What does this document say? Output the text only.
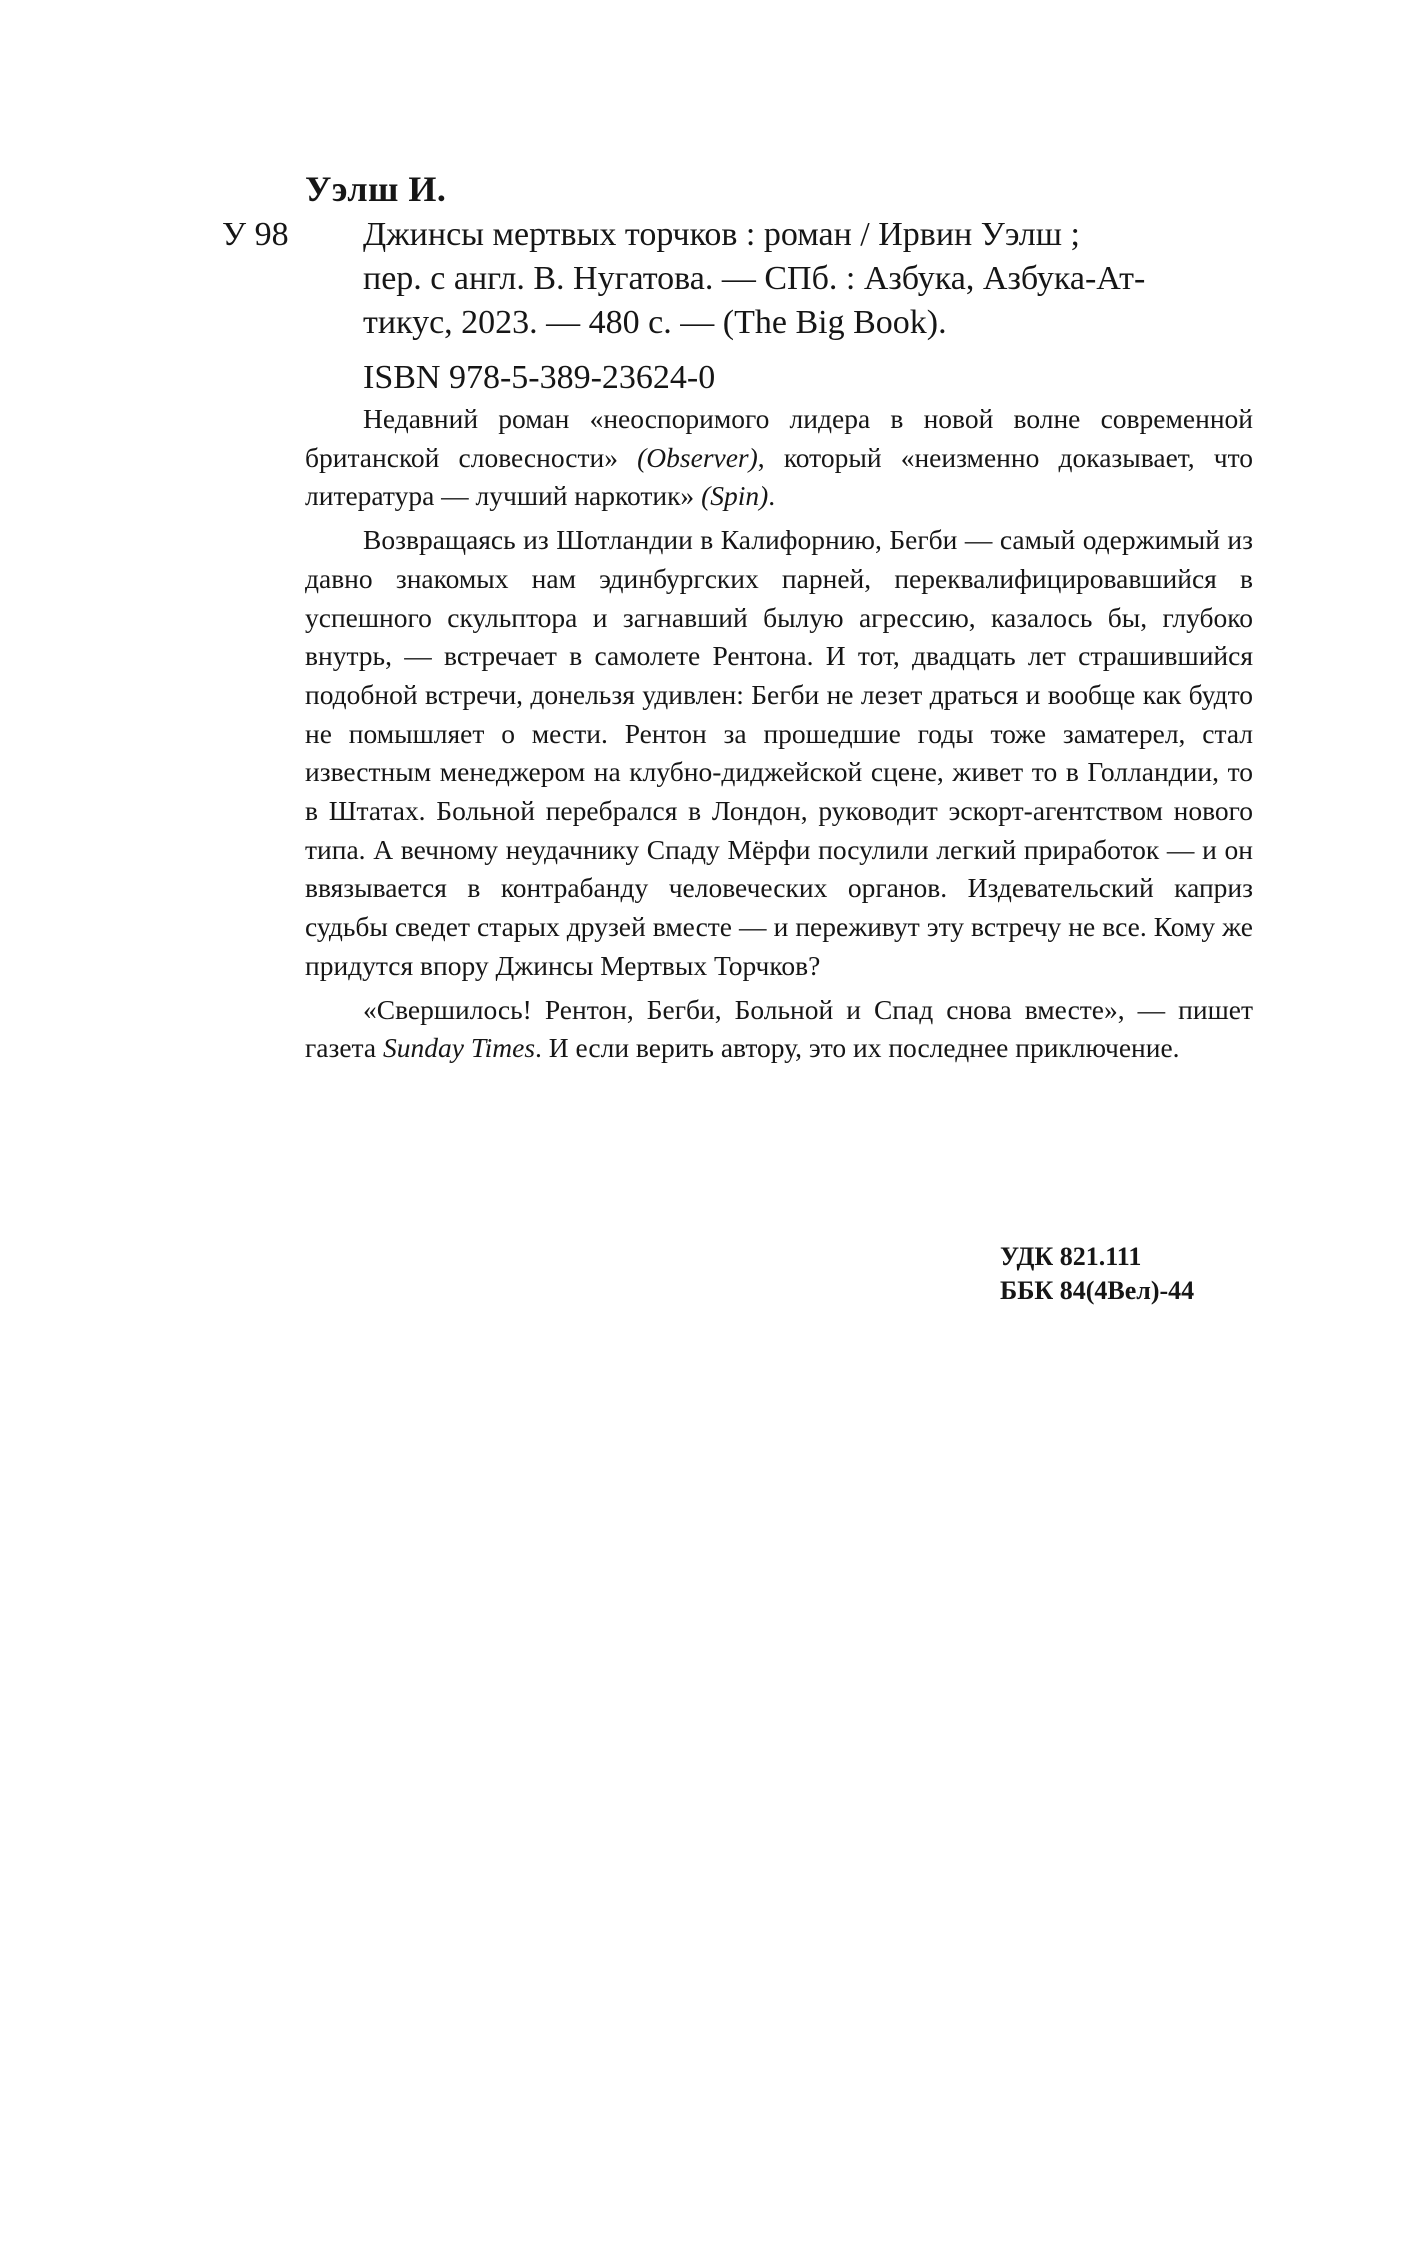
Уэлш И.
У 98 Джинсы мертвых торчков : роман / Ирвин Уэлш ;
пер. с англ. В. Нугатова. — СПб. : Азбука, Азбука-Ат-
тикус, 2023. — 480 с. — (The Big Book).
ISBN 978-5-389-23624-0

Недавний роман «неоспоримого лидера в новой волне современной британской словесности» (Observer), который «неизменно доказывает, что литература — лучший наркотик» (Spin).

Возвращаясь из Шотландии в Калифорнию, Бегби — самый одержимый из давно знакомых нам эдинбургских парней, переквалифицировавшийся в успешного скульптора и загнавший былую агрессию, казалось бы, глубоко внутрь, — встречает в самолете Рентона. И тот, двадцать лет страшившийся подобной встречи, донельзя удивлен: Бегби не лезет драться и вообще как будто не помышляет о мести. Рентон за прошедшие годы тоже заматерел, стал известным менеджером на клубно-диджейской сцене, живет то в Голландии, то в Штатах. Больной перебрался в Лондон, руководит эскорт-агентством нового типа. А вечному неудачнику Спаду Мёрфи посулили легкий приработок — и он ввязывается в контрабанду человеческих органов. Издевательский каприз судьбы сведет старых друзей вместе — и переживут эту встречу не все. Кому же придутся впору Джинсы Мертвых Торчков?

«Свершилось! Рентон, Бегби, Больной и Спад снова вместе», — пишет газета Sunday Times. И если верить автору, это их последнее приключение.

УДК 821.111
ББК 84(4Вел)-44
